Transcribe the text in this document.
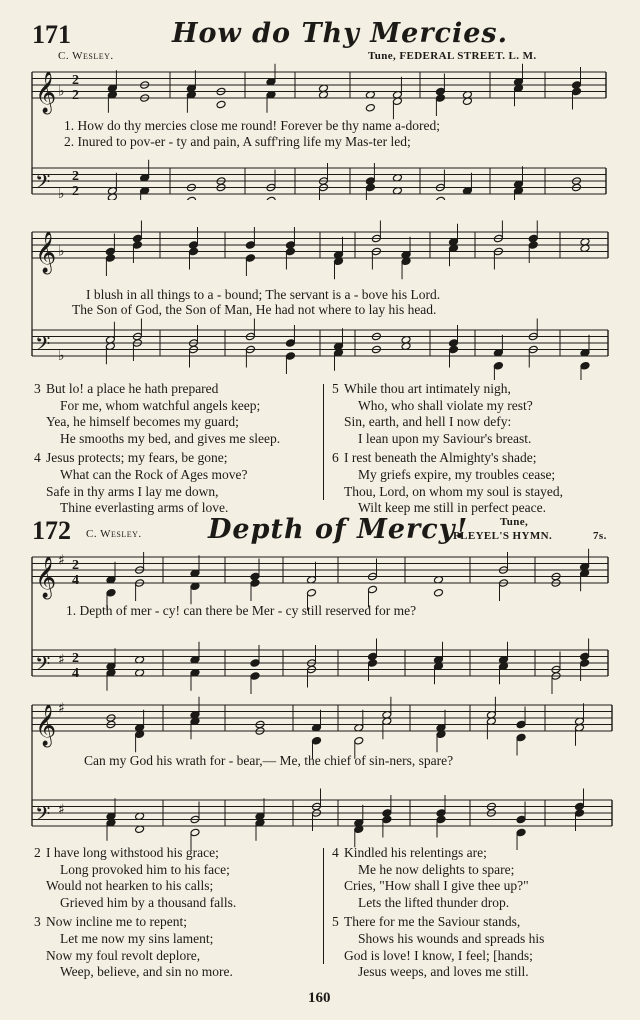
171	How do Thy Mercies.
C. Wesley.	Tune, FEDERAL STREET. L. M.
𝄞 ♭
2
2
𝄢 ♭
2
2
1. How do thy mercies close me round! Forever be thy name a-dored;
2. Inured to pov-er - ty and pain, A suff'ring life my Mas-ter led;
𝄞 ♭
𝄢 ♭
I blush in all things to a - bound; The servant is a - bove his Lord.
The Son of God, the Son of Man, He had not where to lay his head.
3 But lo! a place he hath prepared
For me, whom watchful angels keep;
Yea, he himself becomes my guard;
He smooths my bed, and gives me sleep.
4 Jesus protects; my fears, be gone;
What can the Rock of Ages move?
Safe in thy arms I lay me down,
Thine everlasting arms of love.
5 While thou art intimately nigh,
Who, who shall violate my rest?
Sin, earth, and hell I now defy:
I lean upon my Saviour's breast.
6 I rest beneath the Almighty's shade;
My griefs expire, my troubles cease;
Thou, Lord, on whom my soul is stayed,
Wilt keep me still in perfect peace.
172 C. Wesley. Depth of Mercy!	Tune,
PLEYEL'S HYMN.	7s.
𝄞 ♯ 2
4
𝄢 ♯ 2
4
1. Depth of mer - cy! can there be Mer - cy still reserved for me?
𝄞 ♯
𝄢 ♯
Can my God his wrath for - bear,— Me, the chief of sin-ners, spare?
2 I have long withstood his grace;
Long provoked him to his face;
Would not hearken to his calls;
Grieved him by a thousand falls.
3 Now incline me to repent;
Let me now my sins lament;
Now my foul revolt deplore,
Weep, believe, and sin no more.
4 Kindled his relentings are;
Me he now delights to spare;
Cries, "How shall I give thee up?"
Lets the lifted thunder drop.
5 There for me the Saviour stands,
Shows his wounds and spreads his
God is love! I know, I feel; [hands;
Jesus weeps, and loves me still.
160
